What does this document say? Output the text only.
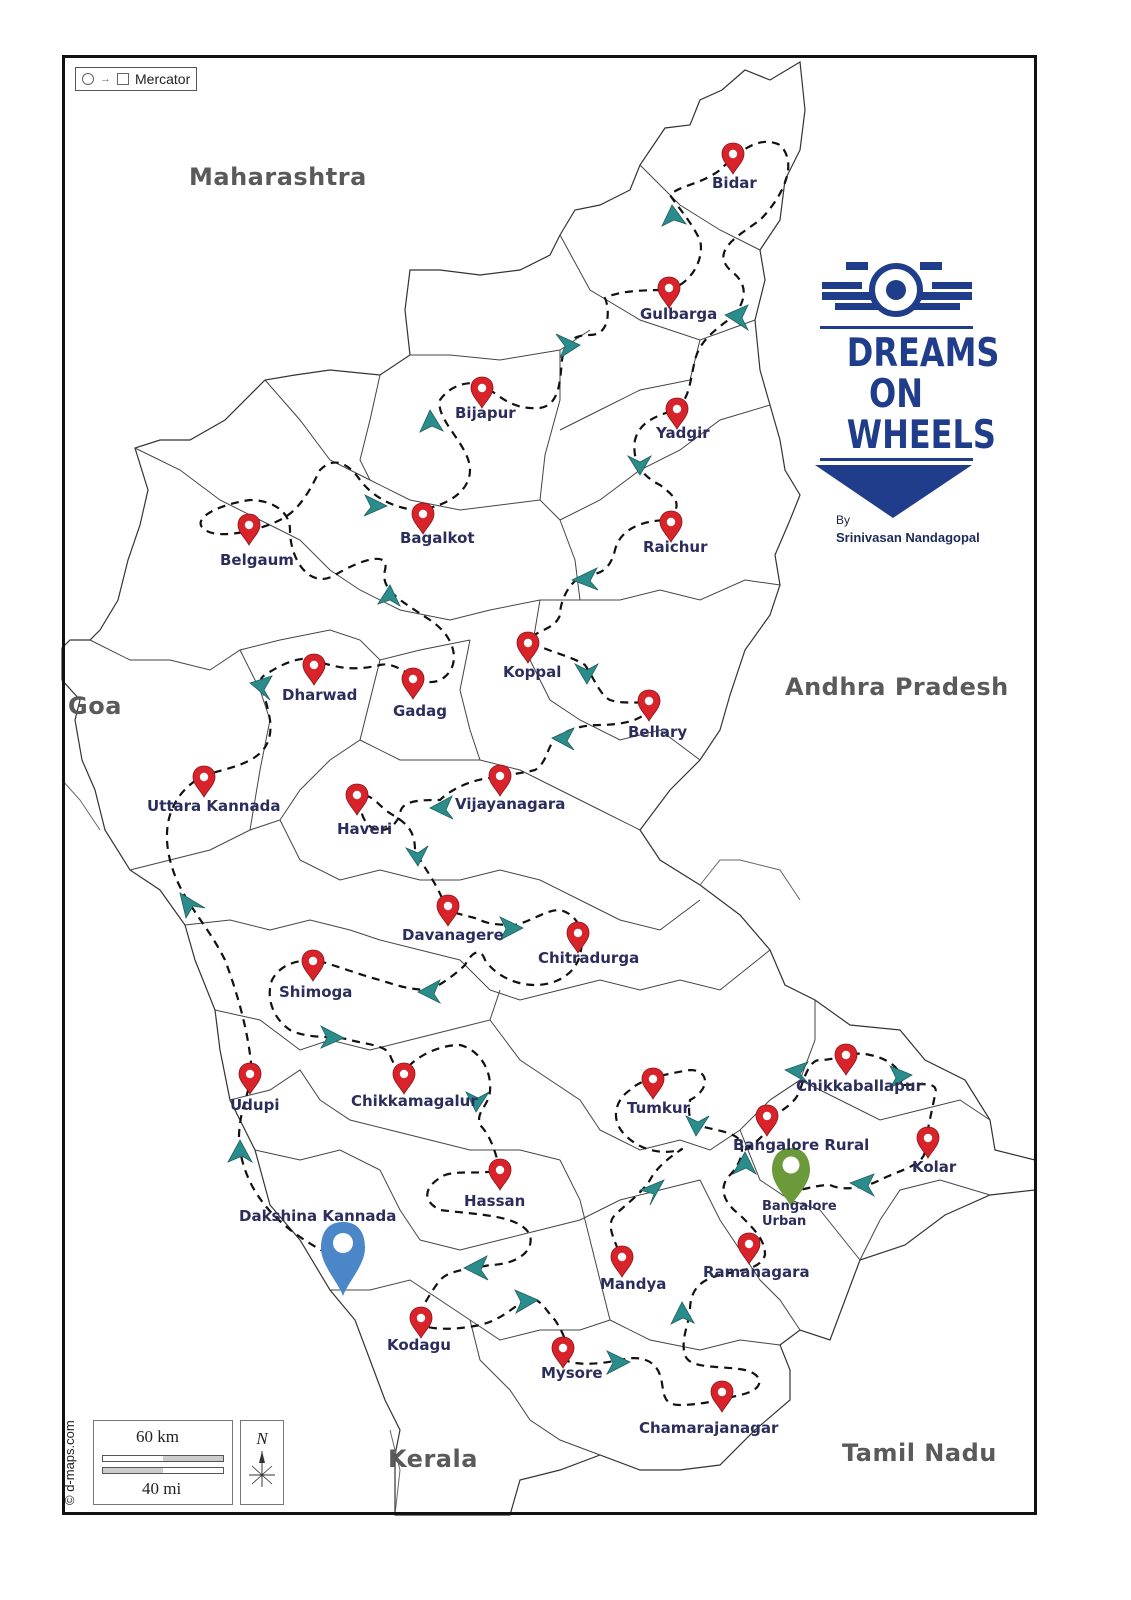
→ Mercator
Maharashtra
Goa
Andhra Pradesh
Kerala	Tamil Nadu
Bidar
Gulbarga
Bijapur
Yadgir
Bagalkot
Belgaum
Raichur
Koppal
Dharwad
Gadag
Bellary
Uttara Kannada
Haveri
Vijayanagara
Davanagere
Chitradurga
Shimoga
Udupi	Chikkamagalur
Chikkaballapur
Tumkur
Bangalore Rural
Kolar
Bangalore
Urban
Hassan
Dakshina Kannada
Mandya
Ramanagara
Kodagu
Mysore
Chamarajanagar
DREAMS
ON
WHEELS
By
Srinivasan Nandagopal
60 km
40 mi
N
© d-maps.com
